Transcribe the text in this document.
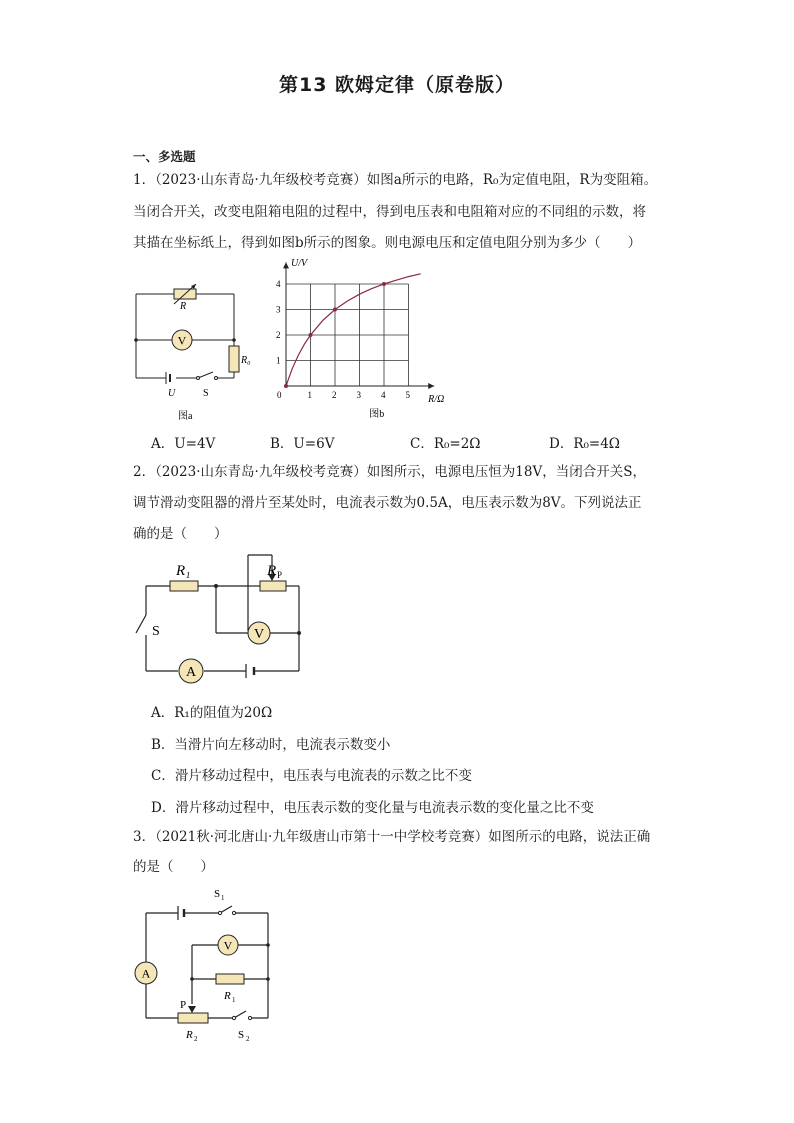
第13 欧姆定律（原卷版）
一、多选题
1．（2023·山东青岛·九年级校考竞赛）如图a所示的电路，R₀为定值电阻，R为变阻箱。
当闭合开关，改变电阻箱电阻的过程中，得到电压表和电阻箱对应的不同组的示数，将
其描在坐标纸上，得到如图b所示的图象。则电源电压和定值电阻分别为多少（　　）
V
R
R₀
U	S
图a
0	1 2 3 4 5
1
2
3
4
U/V
R/Ω
图b
A．U=4V	B．U=6V	C．R₀=2Ω	D．R₀=4Ω
2．（2023·山东青岛·九年级校考竞赛）如图所示，电源电压恒为18V，当闭合开关S，
调节滑动变阻器的滑片至某处时，电流表示数为0.5A，电压表示数为8V。下列说法正
确的是（　　）
V
A
R₁	R P
S
A．R₁的阻值为20Ω
B．当滑片向左移动时，电流表示数变小
C．滑片移动过程中，电压表与电流表的示数之比不变
D．滑片移动过程中，电压表示数的变化量与电流表示数的变化量之比不变
3．（2021秋·河北唐山·九年级唐山市第十一中学校考竞赛）如图所示的电路，说法正确
的是（　　）
A
V
S 1
R 1
P
R 2	S 2
